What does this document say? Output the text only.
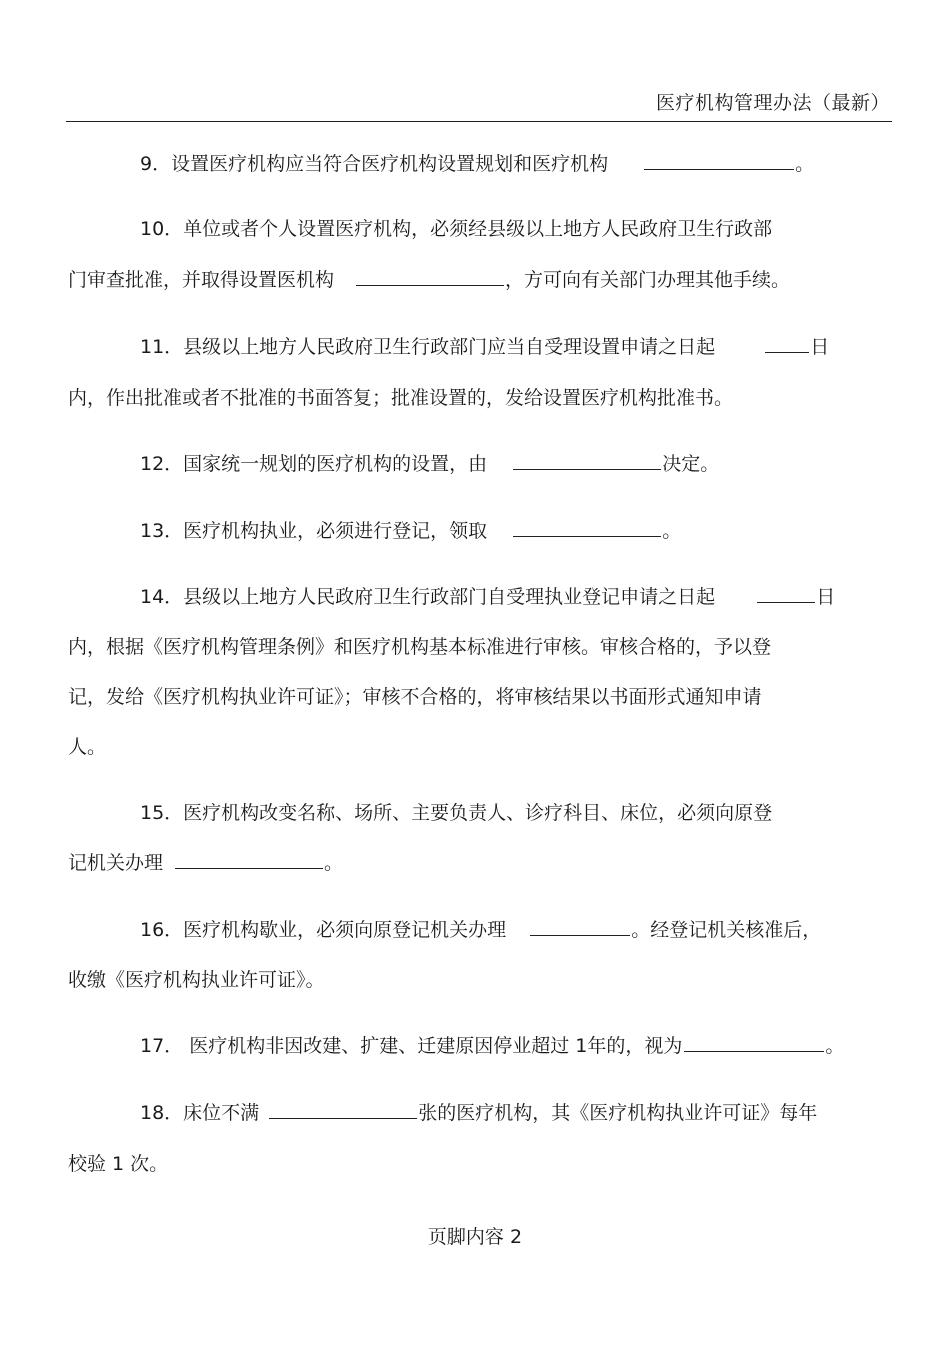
医疗机构管理办法（最新）
9．设置医疗机构应当符合医疗机构设置规划和医疗机构	。
10．单位或者个人设置医疗机构，必须经县级以上地方人民政府卫生行政部
门审查批准，并取得设置医机构	，方可向有关部门办理其他手续。
11．县级以上地方人民政府卫生行政部门应当自受理设置申请之日起	日
内，作出批准或者不批准的书面答复；批准设置的，发给设置医疗机构批准书。
12．国家统一规划的医疗机构的设置，由	决定。
13．医疗机构执业，必须进行登记，领取	。
14．县级以上地方人民政府卫生行政部门自受理执业登记申请之日起	日
内，根据《医疗机构管理条例》和医疗机构基本标准进行审核。审核合格的，予以登
记，发给《医疗机构执业许可证》；审核不合格的，将审核结果以书面形式通知申请
人。
15．医疗机构改变名称、场所、主要负责人、诊疗科目、床位，必须向原登
记机关办理	。
16．医疗机构歇业，必须向原登记机关办理	。经登记机关核准后，
收缴《医疗机构执业许可证》。
17． 医疗机构非因改建、扩建、迁建原因停业超过 1年的，视为	。
18．床位不满	张的医疗机构，其《医疗机构执业许可证》每年
校验 1 次。
页脚内容 2
